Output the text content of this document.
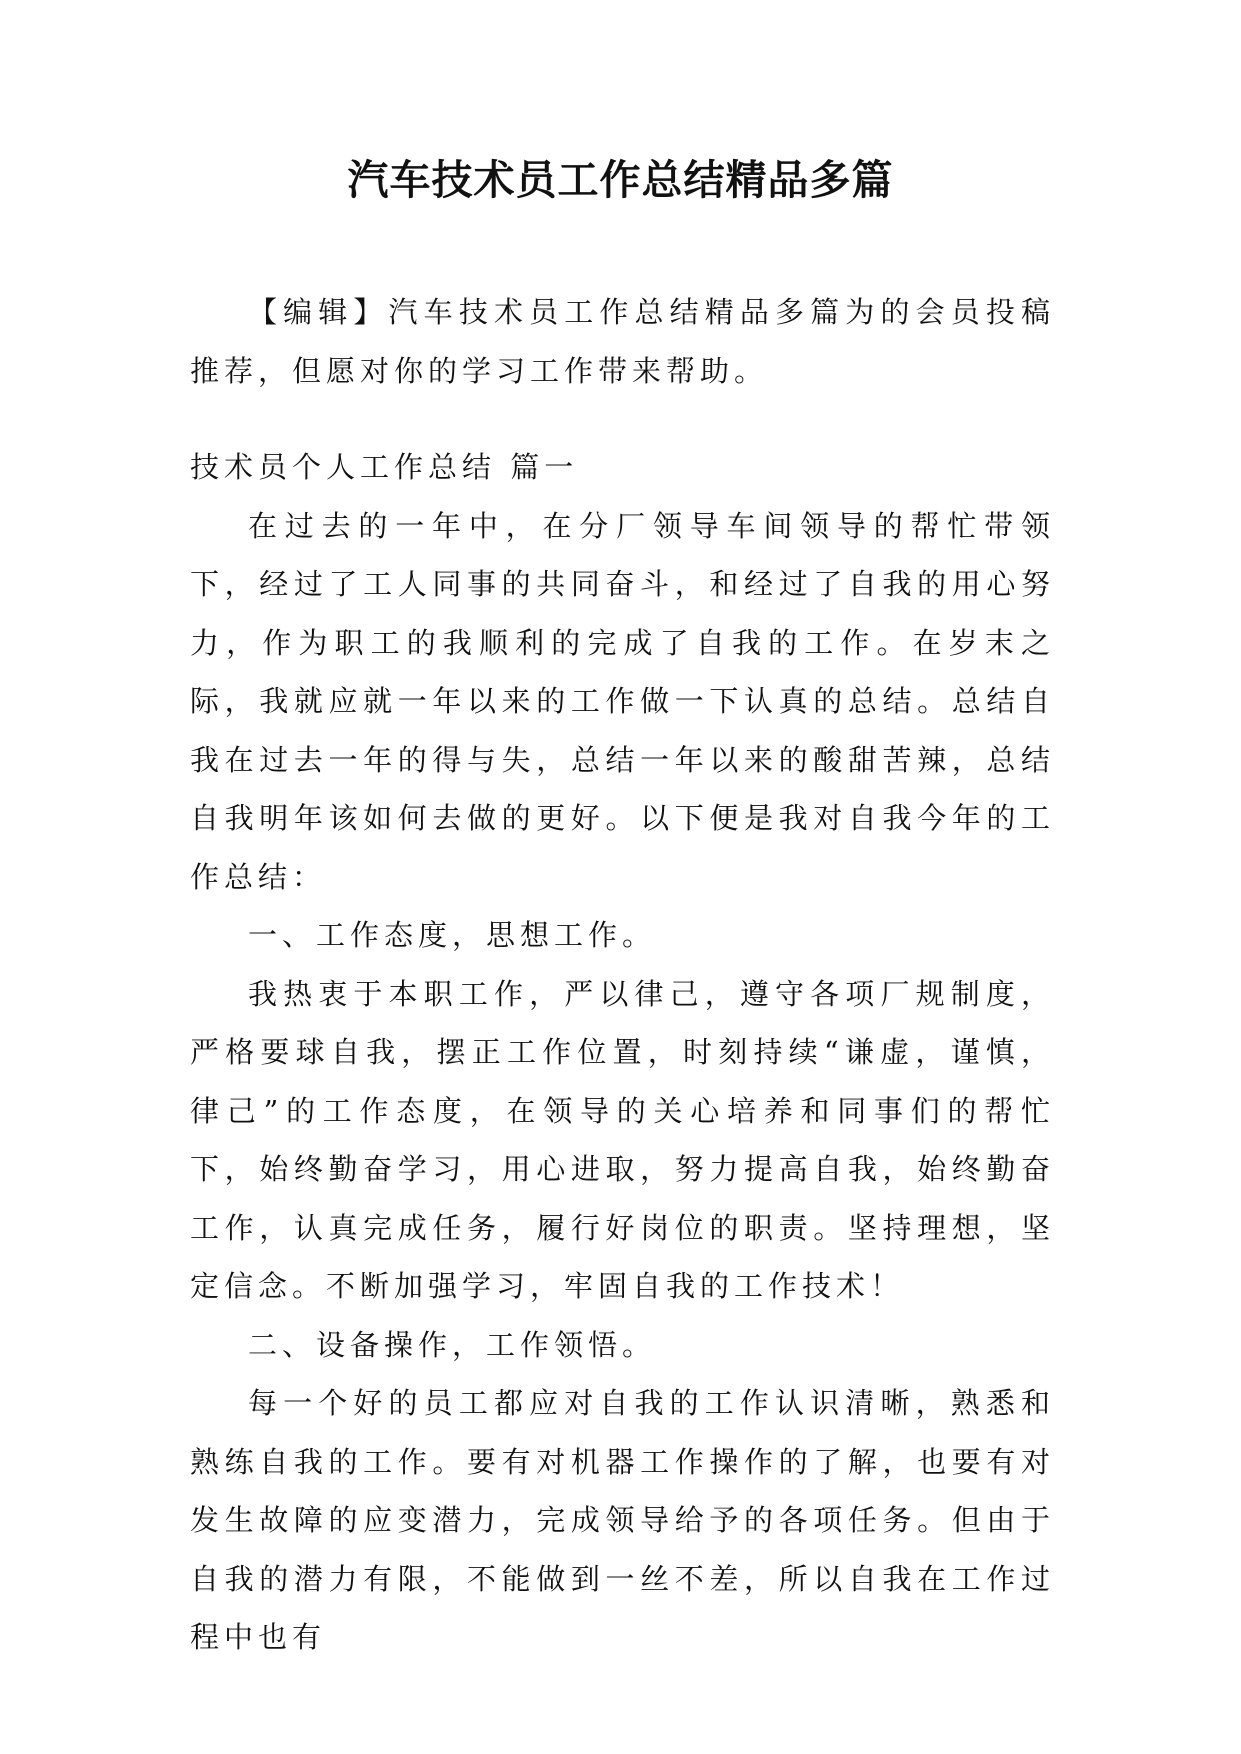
汽车技术员工作总结精品多篇

【编辑】汽车技术员工作总结精品多篇为的会员投稿推荐，但愿对你的学习工作带来帮助。

技术员个人工作总结 篇一

在过去的一年中，在分厂领导车间领导的帮忙带领下，经过了工人同事的共同奋斗，和经过了自我的用心努力，作为职工的我顺利的完成了自我的工作。在岁末之际，我就应就一年以来的工作做一下认真的总结。总结自我在过去一年的得与失，总结一年以来的酸甜苦辣，总结自我明年该如何去做的更好。以下便是我对自我今年的工作总结：

一、工作态度，思想工作。

我热衷于本职工作，严以律己，遵守各项厂规制度，严格要球自我，摆正工作位置，时刻持续“谦虚，谨慎，律己”的工作态度，在领导的关心培养和同事们的帮忙下，始终勤奋学习，用心进取，努力提高自我，始终勤奋工作，认真完成任务，履行好岗位的职责。坚持理想，坚定信念。不断加强学习，牢固自我的工作技术！

二、设备操作，工作领悟。

每一个好的员工都应对自我的工作认识清晰，熟悉和熟练自我的工作。要有对机器工作操作的了解，也要有对发生故障的应变潜力，完成领导给予的各项任务。但由于自我的潜力有限，不能做到一丝不差，所以自我在工作过程中也有
